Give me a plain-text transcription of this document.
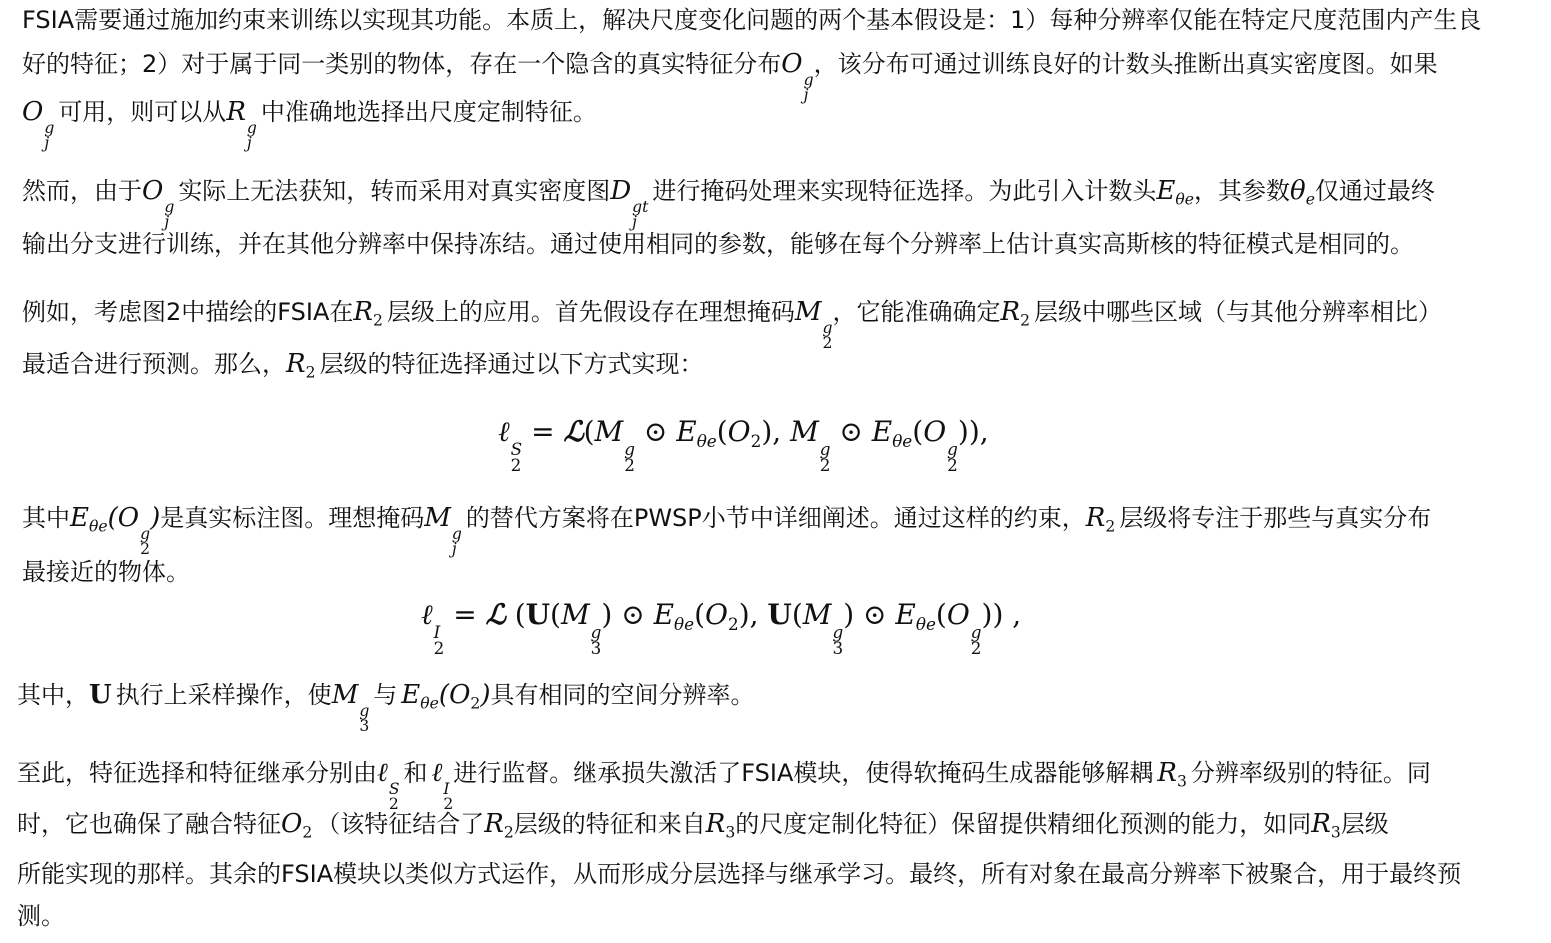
FSIA需要通过施加约束来训练以实现其功能。本质上，解决尺度变化问题的两个基本假设是：1）每种分辨率仅能在特定尺度范围内产生良
好的特征；2）对于属于同一类别的物体，存在一个隐含的真实特征分布O
g
j
，该分布可通过训练良好的计数头推断出真实密度图。如果
O
g
j
可用，则可以从R
g
j
中准确地选择出尺度定制特征。
然而，由于O
g
j
实际上无法获知，转而采用对真实密度图D
gt
j
进行掩码处理来实现特征选择。为此引入计数头$E_{\theta e}$，其参数$\theta_e$仅通过最终
输出分支进行训练，并在其他分辨率中保持冻结。通过使用相同的参数，能够在每个分辨率上估计真实高斯核的特征模式是相同的。
例如，考虑图2中描绘的FSIA在$R_2$ 层级上的应用。首先假设存在理想掩码M
g
2
，它能准确确定$R_2$ 层级中哪些区域（与其他分辨率相比）
最适合进行预测。那么，$R_2$ 层级的特征选择通过以下方式实现：
ℓ
S
2
= ℒ(M
g
2
⊙ $E_{\theta e}(O_2)$, M
g
2
⊙ $E_{\theta e}(O$
g
2
)),
其中$E_{\theta e}(O$
g
2
)是真实标注图。理想掩码M
g
j
的替代方案将在PWSP小节中详细阐述。通过这样的约束，$R_2$ 层级将专注于那些与真实分布
最接近的物体。
ℓ
I
2
= ℒ (U(M
g
3
) ⊙ $E_{\theta e}(O_2)$, U(M
g
3
) ⊙ $E_{\theta e}(O$
g
2
)) ,
其中，U 执行上采样操作，使M
g
3
与 $E_{\theta e}(O_2)$具有相同的空间分辨率。
至此，特征选择和特征继承分别由ℓ
S
2
和 ℓ
I
2
进行监督。继承损失激活了FSIA模块，使得软掩码生成器能够解耦 $R_3$ 分辨率级别的特征。同
时，它也确保了融合特征$O_2$ （该特征结合了$R_2$层级的特征和来自$R_3$的尺度定制化特征）保留提供精细化预测的能力，如同$R_3$层级
所能实现的那样。其余的FSIA模块以类似方式运作，从而形成分层选择与继承学习。最终，所有对象在最高分辨率下被聚合，用于最终预
测。
